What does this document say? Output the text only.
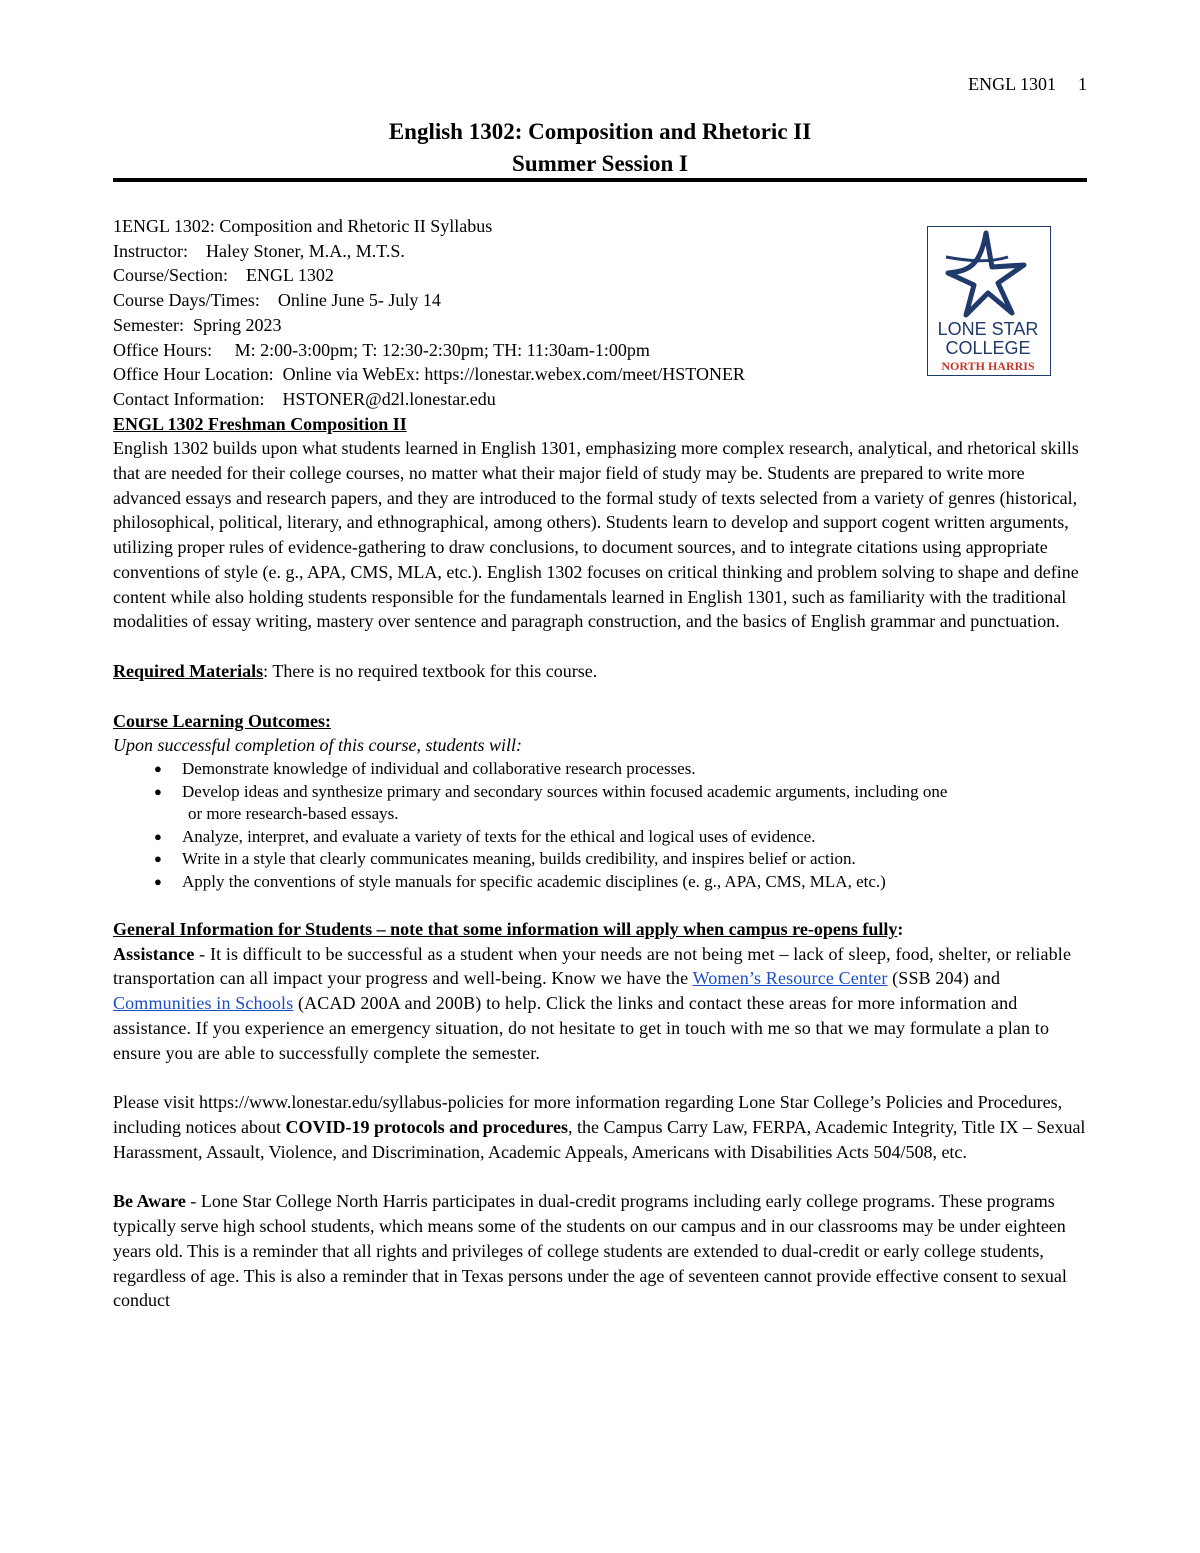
ENGL 1301 1
English 1302: Composition and Rhetoric II
Summer Session I
LONE STAR
COLLEGE
NORTH HARRIS
1ENGL 1302: Composition and Rhetoric II Syllabus
Instructor: Haley Stoner, M.A., M.T.S.
Course/Section: ENGL 1302
Course Days/Times: Online June 5- July 14
Semester: Spring 2023
Office Hours: M: 2:00-3:00pm; T: 12:30-2:30pm; TH: 11:30am-1:00pm
Office Hour Location: Online via WebEx: https://lonestar.webex.com/meet/HSTONER
Contact Information: HSTONER@d2l.lonestar.edu
ENGL 1302 Freshman Composition II

English 1302 builds upon what students learned in English 1301, emphasizing more complex research, analytical, and rhetorical skills that are needed for their college courses, no matter what their major field of study may be. Students are prepared to write more advanced essays and research papers, and they are introduced to the formal study of texts selected from a variety of genres (historical, philosophical, political, literary, and ethnographical, among others). Students learn to develop and support cogent written arguments, utilizing proper rules of evidence-gathering to draw conclusions, to document sources, and to integrate citations using appropriate conventions of style (e. g., APA, CMS, MLA, etc.). English 1302 focuses on critical thinking and problem solving to shape and define content while also holding students responsible for the fundamentals learned in English 1301, such as familiarity with the traditional modalities of essay writing, mastery over sentence and paragraph construction, and the basics of English grammar and punctuation.

Required Materials: There is no required textbook for this course.

Course Learning Outcomes:
Upon successful completion of this course, students will:
● Demonstrate knowledge of individual and collaborative research processes.
● Develop ideas and synthesize primary and secondary sources within focused academic arguments, including one
or more research-based essays.
● Analyze, interpret, and evaluate a variety of texts for the ethical and logical uses of evidence.
● Write in a style that clearly communicates meaning, builds credibility, and inspires belief or action.
● Apply the conventions of style manuals for specific academic disciplines (e. g., APA, CMS, MLA, etc.)
General Information for Students – note that some information will apply when campus re-opens fully:

Assistance - It is difficult to be successful as a student when your needs are not being met – lack of sleep, food, shelter, or reliable transportation can all impact your progress and well-being. Know we have the Women’s Resource Center (SSB 204) and Communities in Schools (ACAD 200A and 200B) to help. Click the links and contact these areas for more information and assistance. If you experience an emergency situation, do not hesitate to get in touch with me so that we may formulate a plan to ensure you are able to successfully complete the semester.

Please visit https://www.lonestar.edu/syllabus-policies for more information regarding Lone Star College’s Policies and Procedures, including notices about COVID-19 protocols and procedures, the Campus Carry Law, FERPA, Academic Integrity, Title IX – Sexual Harassment, Assault, Violence, and Discrimination, Academic Appeals, Americans with Disabilities Acts 504/508, etc.

Be Aware - Lone Star College North Harris participates in dual-credit programs including early college programs. These programs typically serve high school students, which means some of the students on our campus and in our classrooms may be under eighteen years old. This is a reminder that all rights and privileges of college students are extended to dual-credit or early college students, regardless of age. This is also a reminder that in Texas persons under the age of seventeen cannot provide effective consent to sexual conduct
